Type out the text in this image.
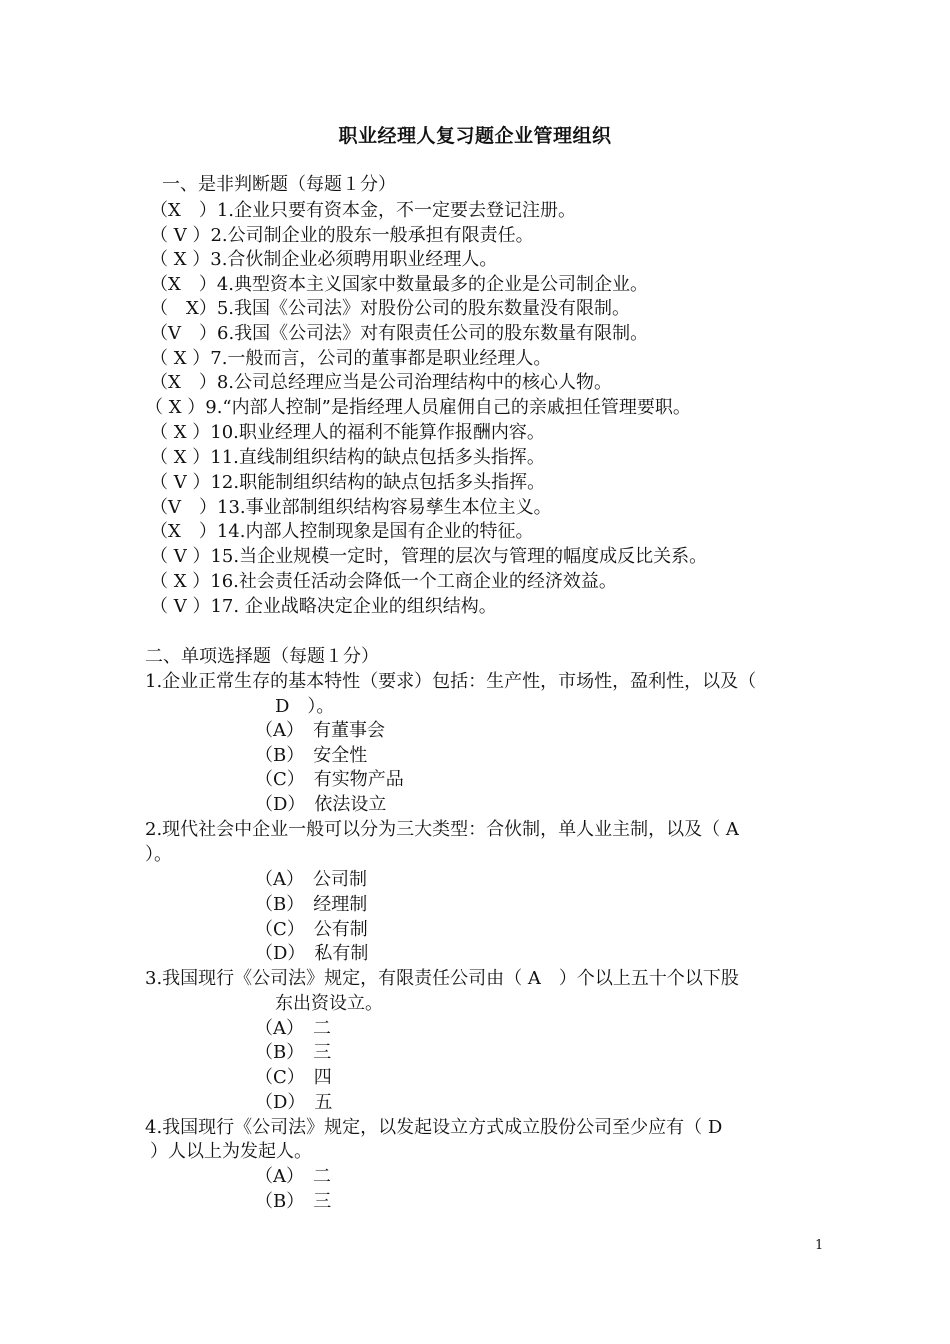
职业经理人复习题企业管理组织
一、是非判断题（每题１分）
（X　）1.企业只要有资本金，不一定要去登记注册。
（ V ）2.公司制企业的股东一般承担有限责任。
（ X ）3.合伙制企业必须聘用职业经理人。
（X　）4.典型资本主义国家中数量最多的企业是公司制企业。
（　X）5.我国《公司法》对股份公司的股东数量没有限制。
（V　）6.我国《公司法》对有限责任公司的股东数量有限制。
（ X ）7.一般而言，公司的董事都是职业经理人。
（X　）8.公司总经理应当是公司治理结构中的核心人物。
（ X ）9.“内部人控制”是指经理人员雇佣自己的亲戚担任管理要职。
（ X ）10.职业经理人的福利不能算作报酬内容。
（ X ）11.直线制组织结构的缺点包括多头指挥。
（ V ）12.职能制组织结构的缺点包括多头指挥。
（V　）13.事业部制组织结构容易孳生本位主义。
（X　）14.内部人控制现象是国有企业的特征。
（ V ）15.当企业规模一定时，管理的层次与管理的幅度成反比关系。
（ X ）16.社会责任活动会降低一个工商企业的经济效益。
（ V ）17. 企业战略决定企业的组织结构。
二、单项选择题（每题１分）
1.企业正常生存的基本特性（要求）包括：生产性，市场性，盈利性，以及（
D　）。
（A）　有董事会
（B）　安全性
（C）　有实物产品
（D）　依法设立
2.现代社会中企业一般可以分为三大类型：合伙制，单人业主制，以及（ A
）。
（A）　公司制
（B）　经理制
（C）　公有制
（D）　私有制
3.我国现行《公司法》规定，有限责任公司由（ A　）个以上五十个以下股
东出资设立。
（A）　二
（B）　三
（C）　四
（D）　五
4.我国现行《公司法》规定，以发起设立方式成立股份公司至少应有（ D
）人以上为发起人。
（A）　二
（B）　三
1
